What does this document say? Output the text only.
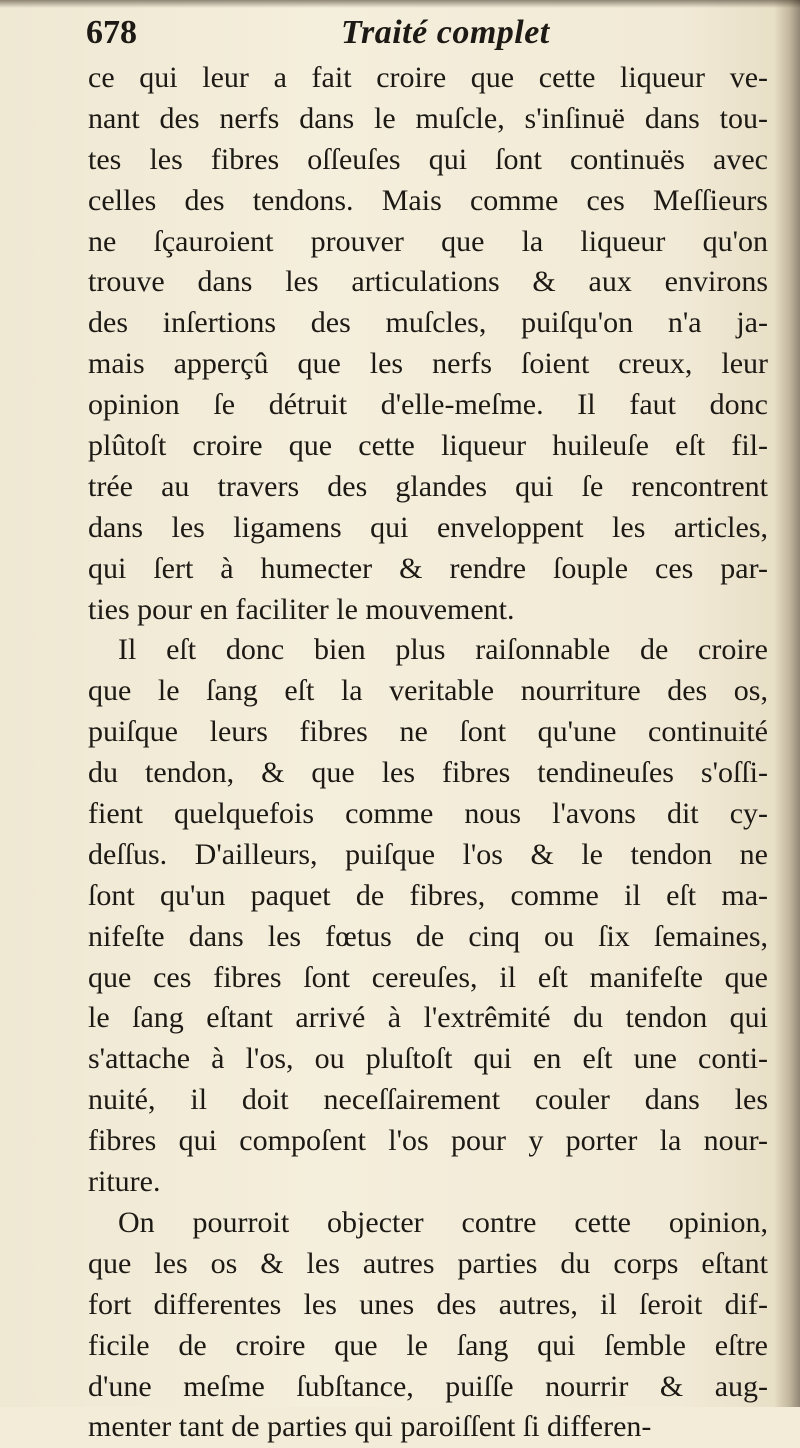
678	Traité complet
ce qui leur a fait croire que cette liqueur ve-
nant des nerfs dans le muſcle, s'inſinuë dans tou-
tes les fibres oſſeuſes qui ſont continuës avec
celles des tendons. Mais comme ces Meſſieurs
ne ſçauroient prouver que la liqueur qu'on
trouve dans les articulations & aux environs
des inſertions des muſcles, puiſqu'on n'a ja-
mais apperçû que les nerfs ſoient creux, leur
opinion ſe détruit d'elle-meſme. Il faut donc
plûtoſt croire que cette liqueur huileuſe eſt fil-
trée au travers des glandes qui ſe rencontrent
dans les ligamens qui enveloppent les articles,
qui ſert à humecter & rendre ſouple ces par-
ties pour en faciliter le mouvement.
Il eſt donc bien plus raiſonnable de croire
que le ſang eſt la veritable nourriture des os,
puiſque leurs fibres ne ſont qu'une continuité
du tendon, & que les fibres tendineuſes s'oſſi-
fient quelquefois comme nous l'avons dit cy-
deſſus. D'ailleurs, puiſque l'os & le tendon ne
ſont qu'un paquet de fibres, comme il eſt ma-
nifeſte dans les fœtus de cinq ou ſix ſemaines,
que ces fibres ſont cereuſes, il eſt manifeſte que
le ſang eſtant arrivé à l'extrêmité du tendon qui
s'attache à l'os, ou pluſtoſt qui en eſt une conti-
nuité, il doit neceſſairement couler dans les
fibres qui compoſent l'os pour y porter la nour-
riture.
On pourroit objecter contre cette opinion,
que les os & les autres parties du corps eſtant
fort differentes les unes des autres, il ſeroit dif-
ficile de croire que le ſang qui ſemble eſtre
d'une meſme ſubſtance, puiſſe nourrir & aug-
menter tant de parties qui paroiſſent ſi differen-
